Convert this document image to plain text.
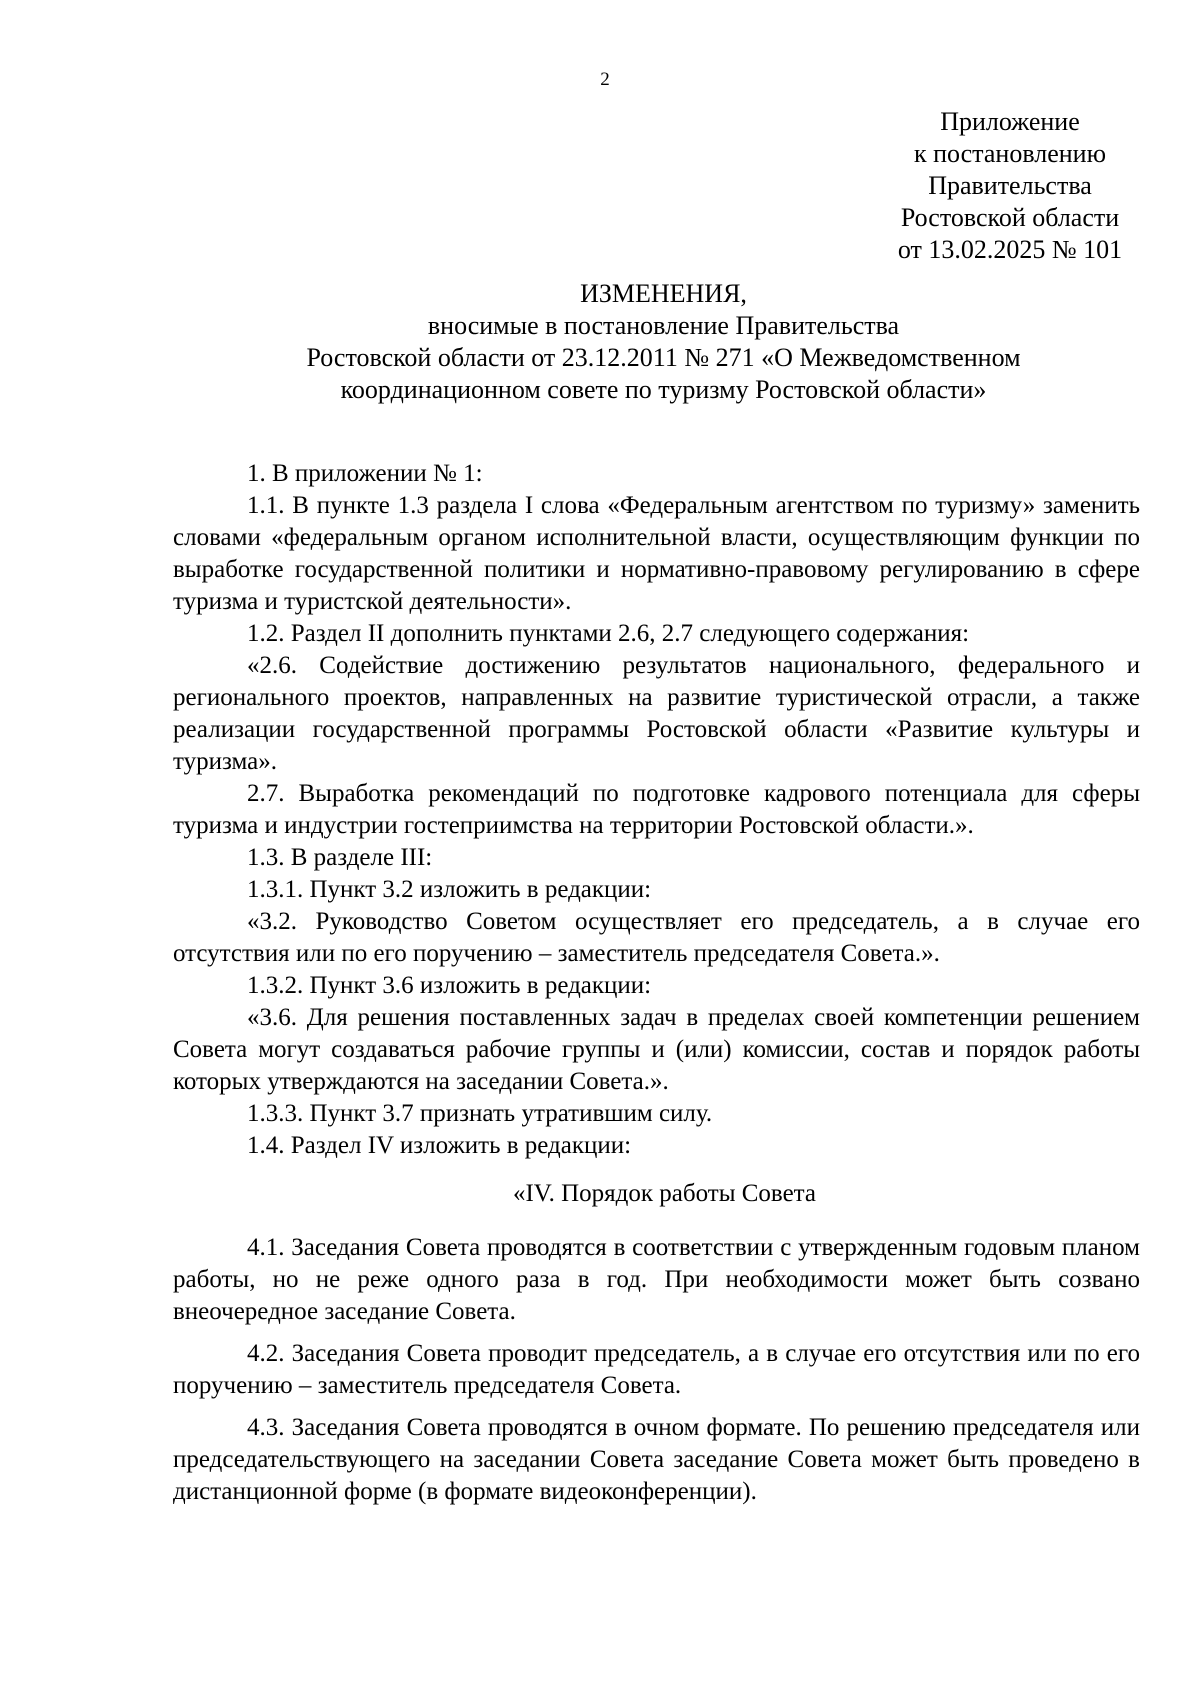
2
Приложение
к постановлению
Правительства
Ростовской области
от 13.02.2025 № 101
ИЗМЕНЕНИЯ,
вносимые в постановление Правительства
Ростовской области от 23.12.2011 № 271 «О Межведомственном
координационном совете по туризму Ростовской области»

1. В приложении № 1:

1.1. В пункте 1.3 раздела I слова «Федеральным агентством по туризму» заменить словами «федеральным органом исполнительной власти, осуществляющим функции по выработке государственной политики и нормативно-правовому регулированию в сфере туризма и туристской деятельности».

1.2. Раздел II дополнить пунктами 2.6, 2.7 следующего содержания:

«2.6. Содействие достижению результатов национального, федерального и регионального проектов, направленных на развитие туристической отрасли, а также реализации государственной программы Ростовской области «Развитие культуры и туризма».

2.7. Выработка рекомендаций по подготовке кадрового потенциала для сферы туризма и индустрии гостеприимства на территории Ростовской области.».

1.3. В разделе III:

1.3.1. Пункт 3.2 изложить в редакции:

«3.2. Руководство Советом осуществляет его председатель, а в случае его отсутствия или по его поручению – заместитель председателя Совета.».

1.3.2. Пункт 3.6 изложить в редакции:

«3.6. Для решения поставленных задач в пределах своей компетенции решением Совета могут создаваться рабочие группы и (или) комиссии, состав и порядок работы которых утверждаются на заседании Совета.».

1.3.3. Пункт 3.7 признать утратившим силу.

1.4. Раздел IV изложить в редакции:

«IV. Порядок работы Совета

4.1. Заседания Совета проводятся в соответствии с утвержденным годовым планом работы, но не реже одного раза в год. При необходимости может быть созвано внеочередное заседание Совета.

4.2. Заседания Совета проводит председатель, а в случае его отсутствия или по его поручению – заместитель председателя Совета.

4.3. Заседания Совета проводятся в очном формате. По решению председателя или председательствующего на заседании Совета заседание Совета может быть проведено в дистанционной форме (в формате видеоконференции).
